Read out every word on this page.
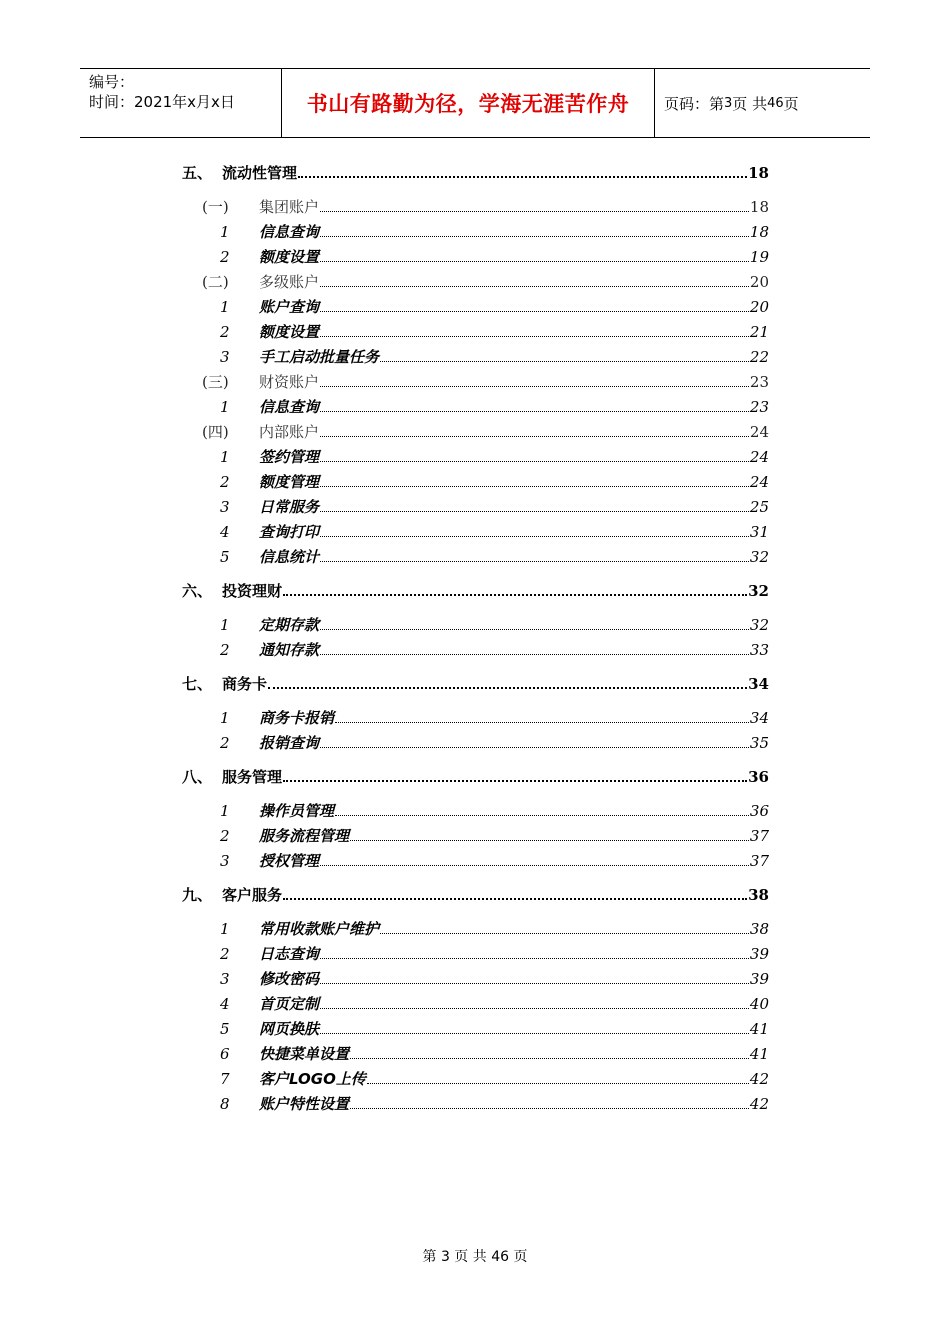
编号：
时间：2021年x月x日	书山有路勤为径，学海无涯苦作舟	页码：第 3 页 共 46 页
五、 流动性管理	18
(一)	集团账户	18
1	信息查询	18
2	额度设置	19
(二)	多级账户	20
1	账户查询	20
2	额度设置	21
3	手工启动批量任务	22
(三)	财资账户	23
1	信息查询	23
(四)	内部账户	24
1	签约管理	24
2	额度管理	24
3	日常服务	25
4	查询打印	31
5	信息统计	32
六、 投资理财	32
1	定期存款	32
2	通知存款	33
七、 商务卡	34
1	商务卡报销	34
2	报销查询	35
八、 服务管理	36
1	操作员管理	36
2	服务流程管理	37
3	授权管理	37
九、 客户服务	38
1	常用收款账户维护	38
2	日志查询	39
3	修改密码	39
4	首页定制	40
5	网页换肤	41
6	快捷菜单设置	41
7	客户LOGO上传	42
8	账户特性设置	42
第 3 页 共 46 页
